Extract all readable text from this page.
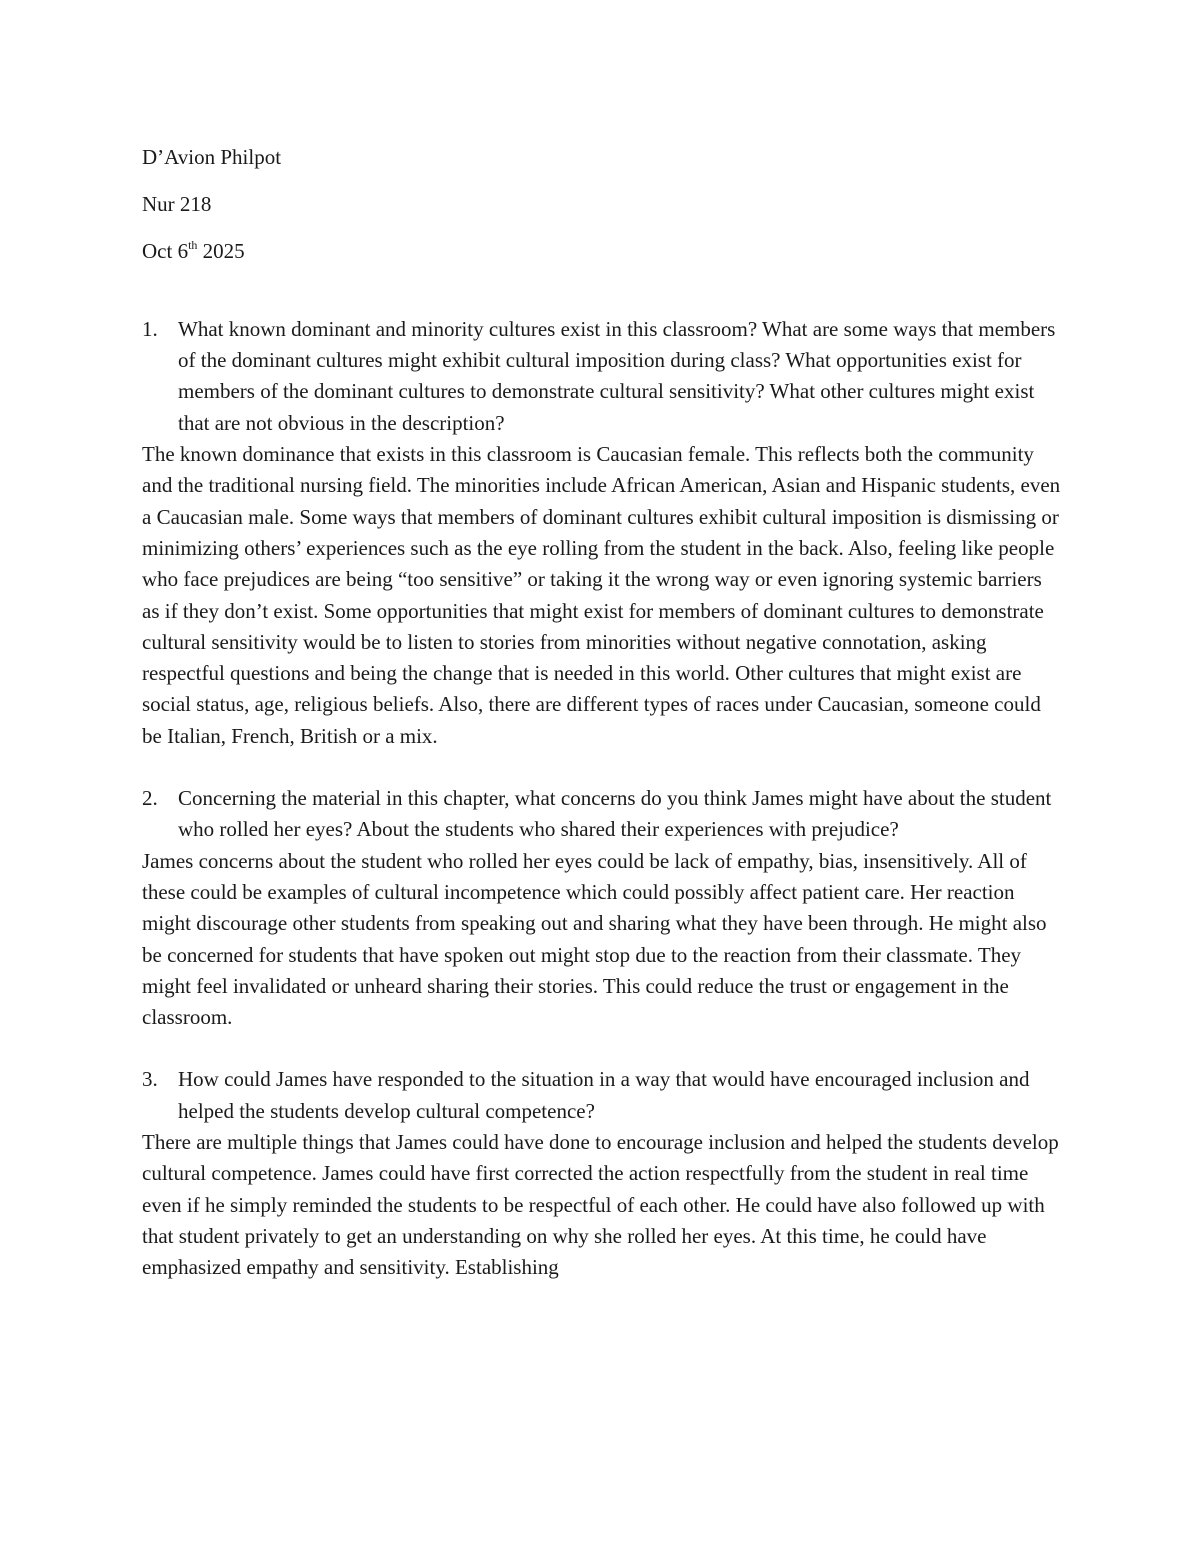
D’Avion Philpot

Nur 218

Oct 6th 2025

1. What known dominant and minority cultures exist in this classroom? What are some ways that members of the dominant cultures might exhibit cultural imposition during class? What opportunities exist for members of the dominant cultures to demonstrate cultural sensitivity? What other cultures might exist that are not obvious in the description?

The known dominance that exists in this classroom is Caucasian female. This reflects both the community and the traditional nursing field. The minorities include African American, Asian and Hispanic students, even a Caucasian male. Some ways that members of dominant cultures exhibit cultural imposition is dismissing or minimizing others’ experiences such as the eye rolling from the student in the back. Also, feeling like people who face prejudices are being “too sensitive” or taking it the wrong way or even ignoring systemic barriers as if they don’t exist. Some opportunities that might exist for members of dominant cultures to demonstrate cultural sensitivity would be to listen to stories from minorities without negative connotation, asking respectful questions and being the change that is needed in this world. Other cultures that might exist are social status, age, religious beliefs. Also, there are different types of races under Caucasian, someone could be Italian, French, British or a mix.

2. Concerning the material in this chapter, what concerns do you think James might have about the student who rolled her eyes? About the students who shared their experiences with prejudice?

James concerns about the student who rolled her eyes could be lack of empathy, bias, insensitively. All of these could be examples of cultural incompetence which could possibly affect patient care. Her reaction might discourage other students from speaking out and sharing what they have been through. He might also be concerned for students that have spoken out might stop due to the reaction from their classmate. They might feel invalidated or unheard sharing their stories. This could reduce the trust or engagement in the classroom.

3. How could James have responded to the situation in a way that would have encouraged inclusion and helped the students develop cultural competence?

There are multiple things that James could have done to encourage inclusion and helped the students develop cultural competence. James could have first corrected the action respectfully from the student in real time even if he simply reminded the students to be respectful of each other. He could have also followed up with that student privately to get an understanding on why she rolled her eyes. At this time, he could have emphasized empathy and sensitivity. Establishing
